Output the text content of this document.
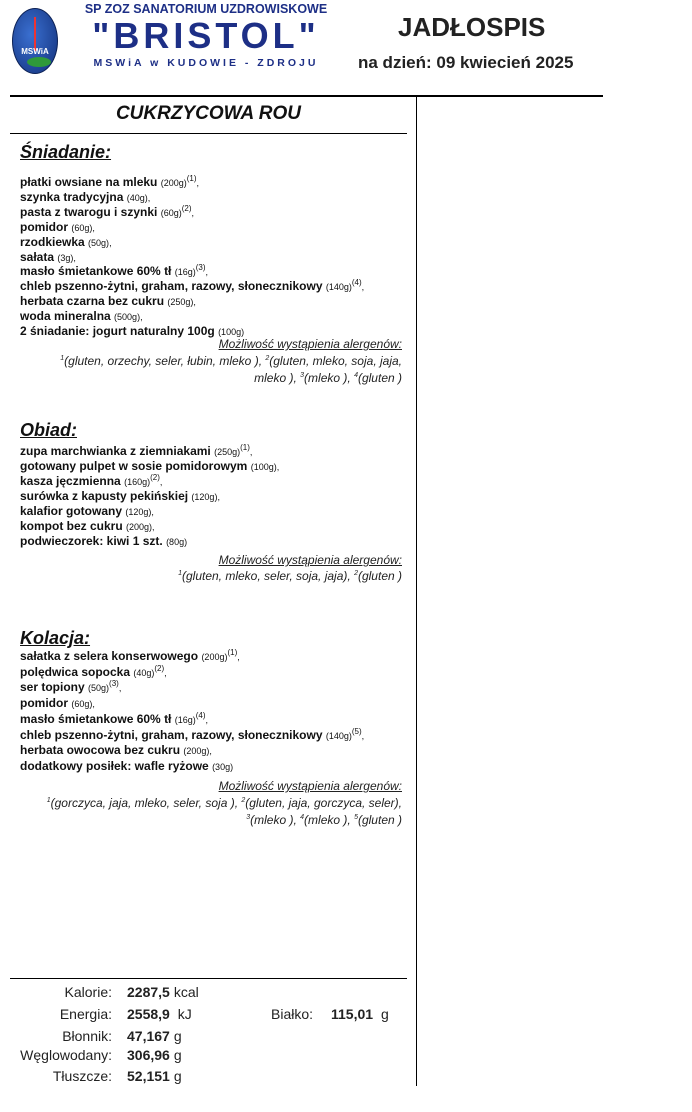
MSWiA
SP ZOZ SANATORIUM UZDROWISKOWE
"BRISTOL"
MSWiA w KUDOWIE - ZDROJU
JADŁOSPIS
na dzień: 09 kwiecień 2025
CUKRZYCOWA ROU
Śniadanie:
płatki owsiane na mleku $(200g)^{(1)}$,
szynka tradycyjna (40g),
pasta z twarogu i szynki $(60g)^{(2)}$,
pomidor (60g),
rzodkiewka (50g),
sałata (3g),
masło śmietankowe 60% tł $(16g)^{(3)}$,
chleb pszenno-żytni, graham, razowy, słonecznikowy $(140g)^{(4)}$,
herbata czarna bez cukru (250g),
woda mineralna (500g),
2 śniadanie: jogurt naturalny 100g (100g)
Możliwość wystąpienia alergenów:
$^1$(gluten, orzechy, seler, łubin, mleko ), $^2$(gluten, mleko, soja, jaja,
mleko ), $^3$(mleko ), $^4$(gluten )
Obiad:
zupa marchwianka z ziemniakami $(250g)^{(1)}$,
gotowany pulpet w sosie pomidorowym (100g),
kasza jęczmienna $(160g)^{(2)}$,
surówka z kapusty pekińskiej (120g),
kalafior gotowany (120g),
kompot bez cukru (200g),
podwieczorek: kiwi 1 szt. (80g)
Możliwość wystąpienia alergenów:
$^1$(gluten, mleko, seler, soja, jaja), $^2$(gluten )
Kolacja:
sałatka z selera konserwowego $(200g)^{(1)}$,
polędwica sopocka $(40g)^{(2)}$,
ser topiony $(50g)^{(3)}$,
pomidor (60g),
masło śmietankowe 60% tł $(16g)^{(4)}$,
chleb pszenno-żytni, graham, razowy, słonecznikowy $(140g)^{(5)}$,
herbata owocowa bez cukru (200g),
dodatkowy posiłek: wafle ryżowe (30g)
Możliwość wystąpienia alergenów:
$^1$(gorczyca, jaja, mleko, seler, soja ), $^2$(gluten, jaja, gorczyca, seler),
$^3$(mleko ), $^4$(mleko ), $^5$(gluten )
Kalorie: 2287,5 kcal
Energia: 2558,9 kJ
Błonnik: 47,167 g
Węglowodany: 306,96 g
Tłuszcze: 52,151 g
Białko: 115,01 g
